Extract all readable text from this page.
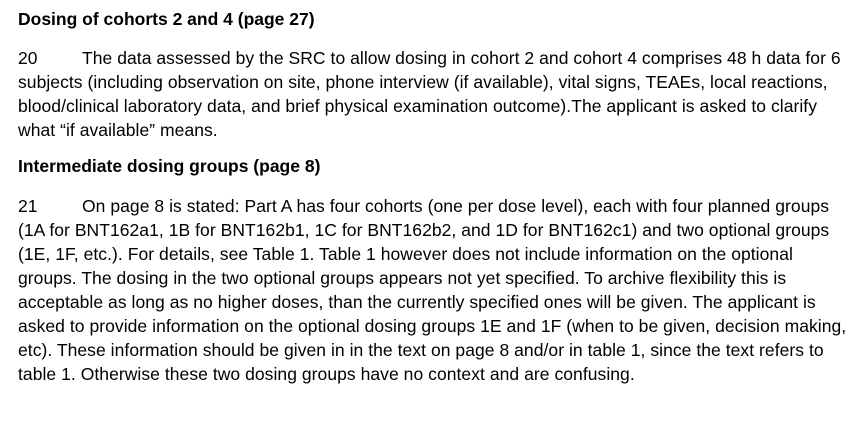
Dosing of cohorts 2 and 4 (page 27)

20	The data assessed by the SRC to allow dosing in cohort 2 and cohort 4 comprises 48 h data for 6 subjects (including observation on site, phone interview (if available), vital signs, TEAEs, local reactions, blood/clinical laboratory data, and brief physical examination outcome).The applicant is asked to clarify what “if available” means.

Intermediate dosing groups (page 8)

21	On page 8 is stated: Part A has four cohorts (one per dose level), each with four planned groups (1A for BNT162a1, 1B for BNT162b1, 1C for BNT162b2, and 1D for BNT162c1) and two optional groups (1E, 1F, etc.). For details, see Table 1. Table 1 however does not include information on the optional groups. The dosing in the two optional groups appears not yet specified. To archive flexibility this is acceptable as long as no higher doses, than the currently specified ones will be given. The applicant is asked to provide information on the optional dosing groups 1E and 1F (when to be given, decision making, etc). These information should be given in in the text on page 8 and/or in table 1, since the text refers to table 1. Otherwise these two dosing groups have no context and are confusing.
